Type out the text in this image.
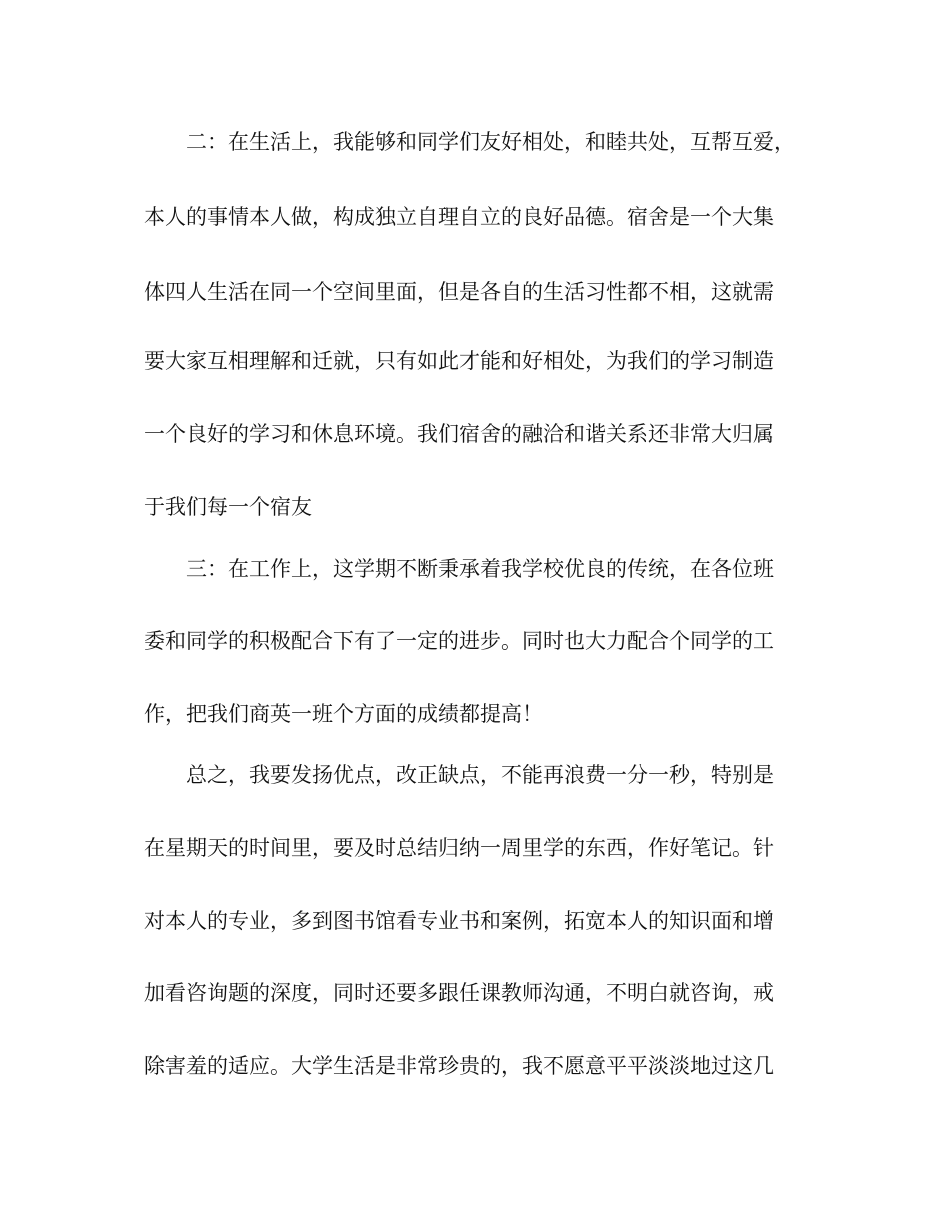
二：在生活上，我能够和同学们友好相处，和睦共处，互帮互爱，
本人的事情本人做，构成独立自理自立的良好品德。宿舍是一个大集
体四人生活在同一个空间里面，但是各自的生活习性都不相，这就需
要大家互相理解和迁就，只有如此才能和好相处，为我们的学习制造
一个良好的学习和休息环境。我们宿舍的融洽和谐关系还非常大归属
于我们每一个宿友
三：在工作上，这学期不断秉承着我学校优良的传统，在各位班
委和同学的积极配合下有了一定的进步。同时也大力配合个同学的工
作，把我们商英一班个方面的成绩都提高！
总之，我要发扬优点，改正缺点，不能再浪费一分一秒，特别是
在星期天的时间里，要及时总结归纳一周里学的东西，作好笔记。针
对本人的专业，多到图书馆看专业书和案例，拓宽本人的知识面和增
加看咨询题的深度，同时还要多跟任课教师沟通，不明白就咨询，戒
除害羞的适应。大学生活是非常珍贵的，我不愿意平平淡淡地过这几
